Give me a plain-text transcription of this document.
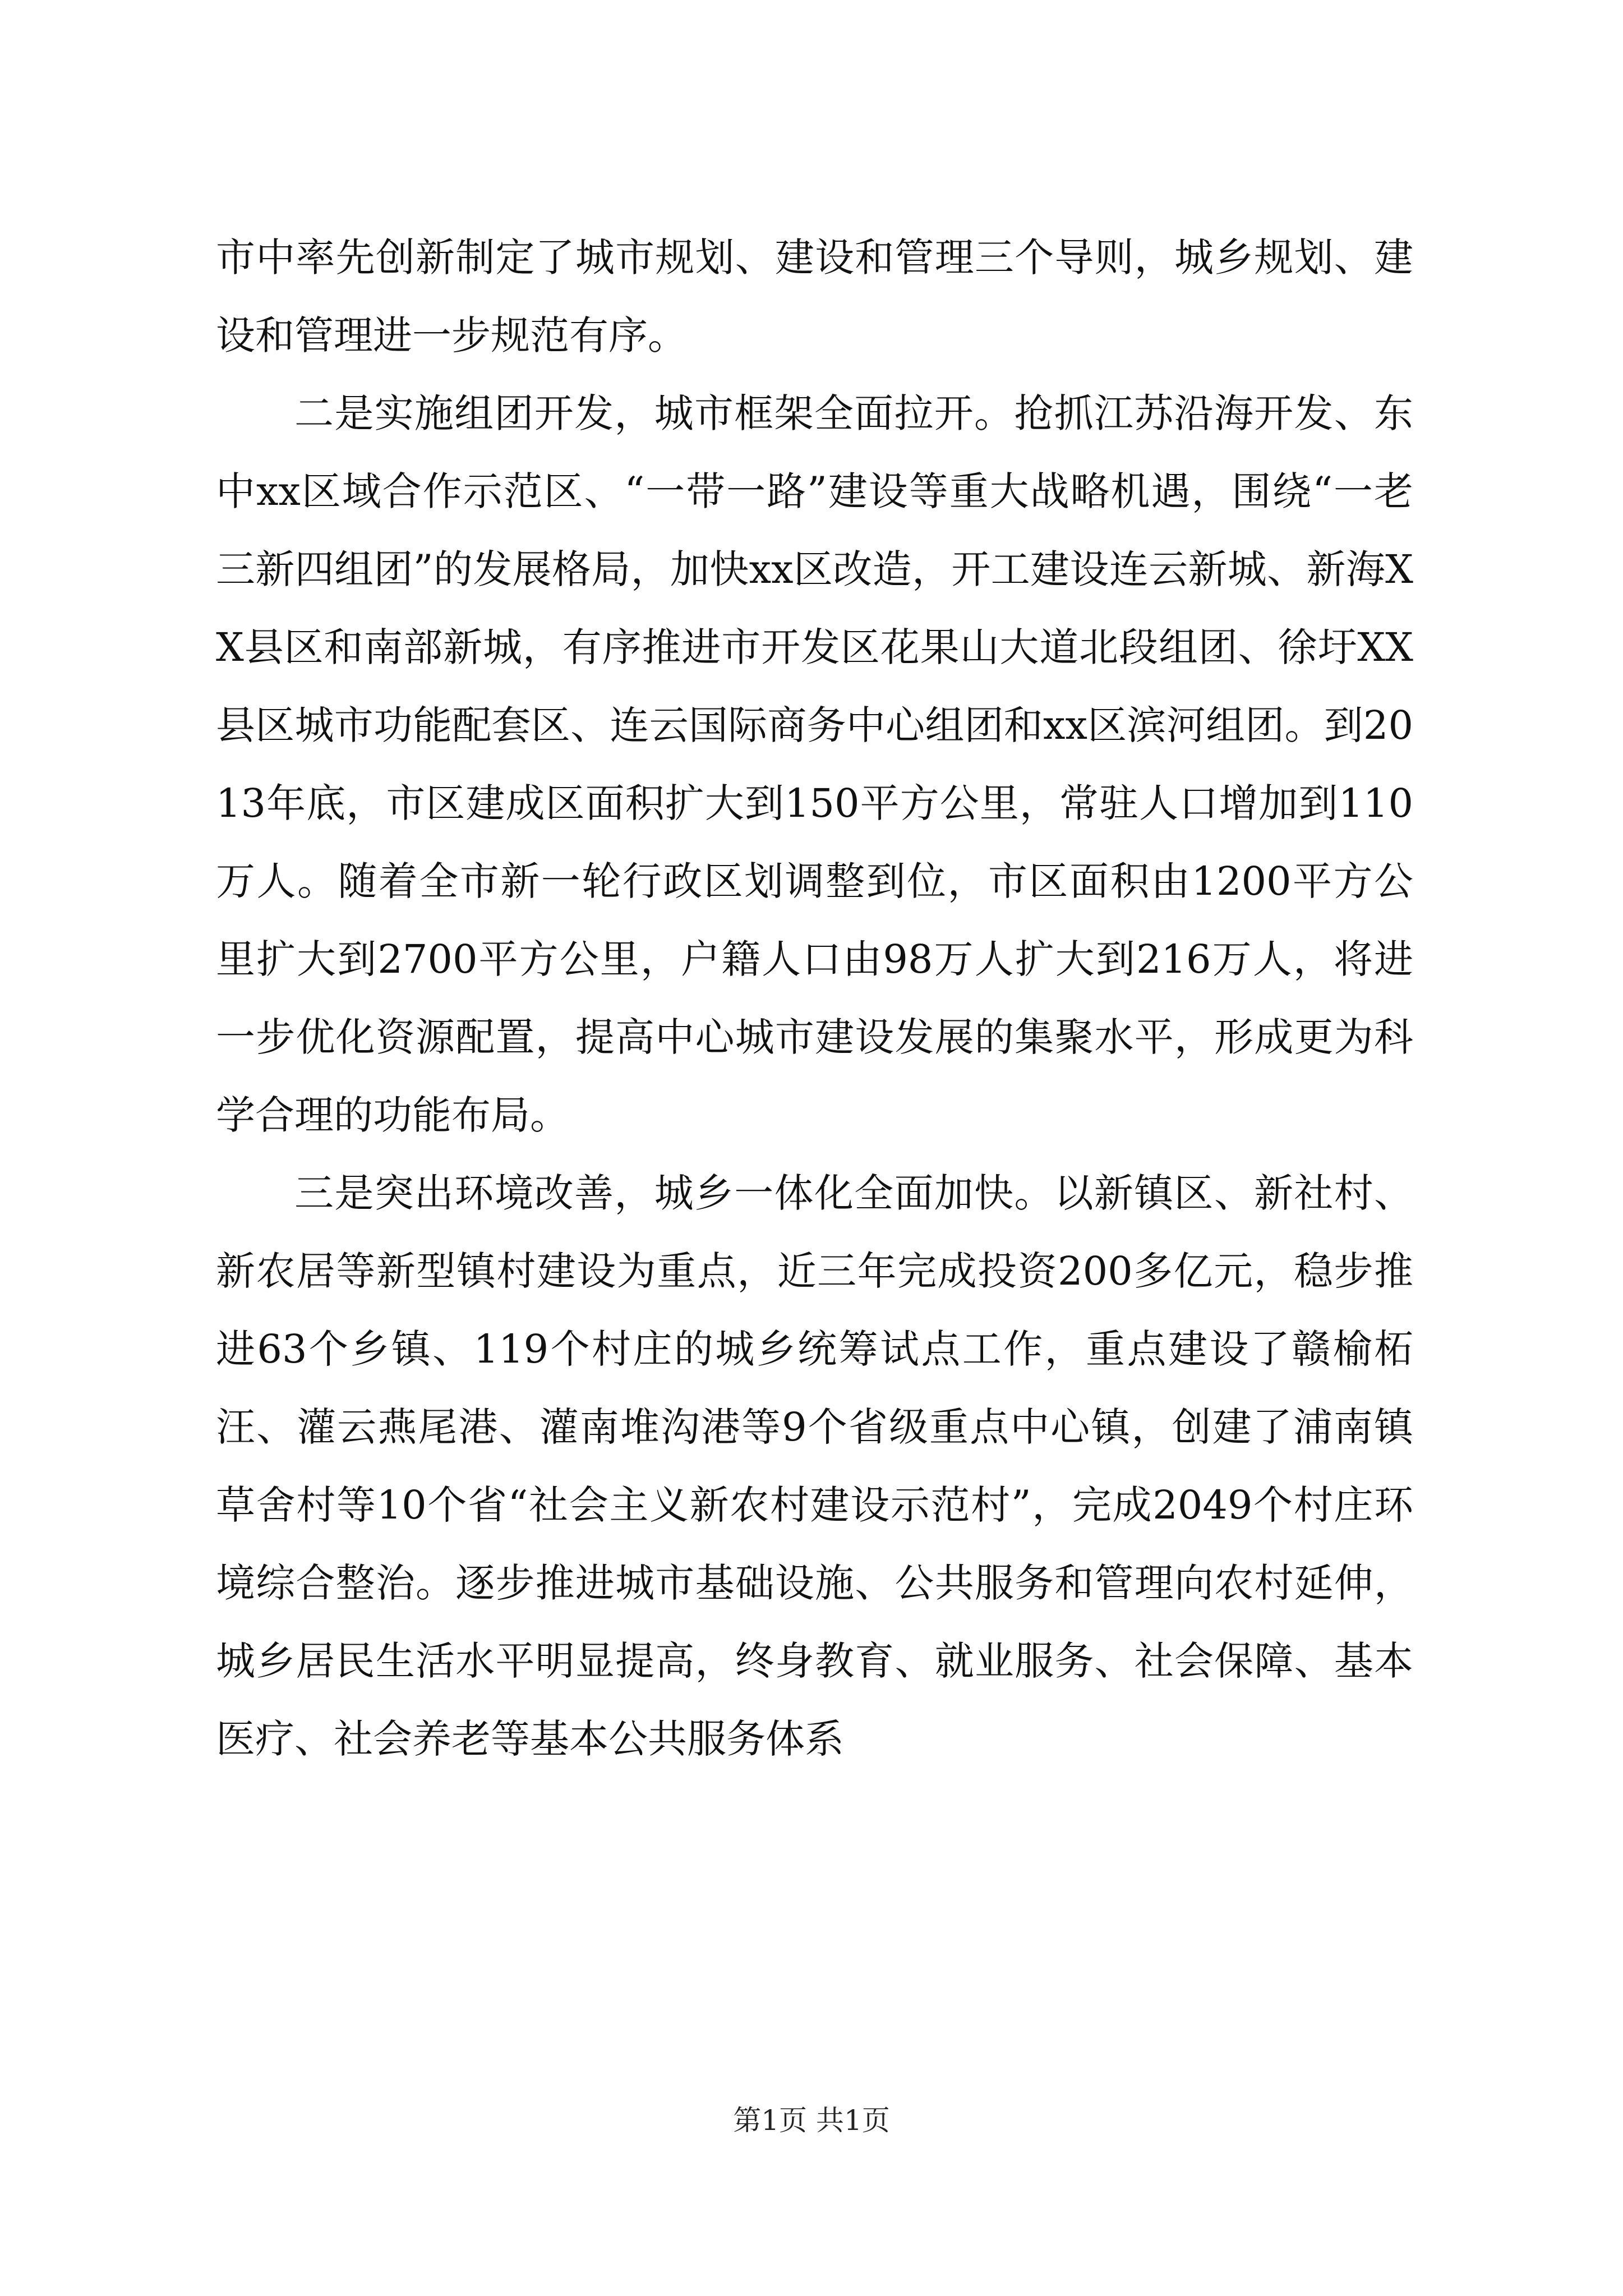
市中率先创新制定了城市规划、建设和管理三个导则，城乡规划、建设和管理进一步规范有序。

二是实施组团开发，城市框架全面拉开。抢抓江苏沿海开发、东中xx区域合作示范区、“一带一路”建设等重大战略机遇，围绕“一老三新四组团”的发展格局，加快xx区改造，开工建设连云新城、新海XX县区和南部新城，有序推进市开发区花果山大道北段组团、徐圩XX县区城市功能配套区、连云国际商务中心组团和xx区滨河组团。到2013年底，市区建成区面积扩大到150平方公里，常驻人口增加到110万人。随着全市新一轮行政区划调整到位，市区面积由1200平方公里扩大到2700平方公里，户籍人口由98万人扩大到216万人，将进一步优化资源配置，提高中心城市建设发展的集聚水平，形成更为科学合理的功能布局。

三是突出环境改善，城乡一体化全面加快。以新镇区、新社村、新农居等新型镇村建设为重点，近三年完成投资200多亿元，稳步推进63个乡镇、119个村庄的城乡统筹试点工作，重点建设了赣榆柘汪、灌云燕尾港、灌南堆沟港等9个省级重点中心镇，创建了浦南镇草舍村等10个省“社会主义新农村建设示范村”，完成2049个村庄环境综合整治。逐步推进城市基础设施、公共服务和管理向农村延伸，城乡居民生活水平明显提高，终身教育、就业服务、社会保障、基本医疗、社会养老等基本公共服务体系

第1页 共1页
